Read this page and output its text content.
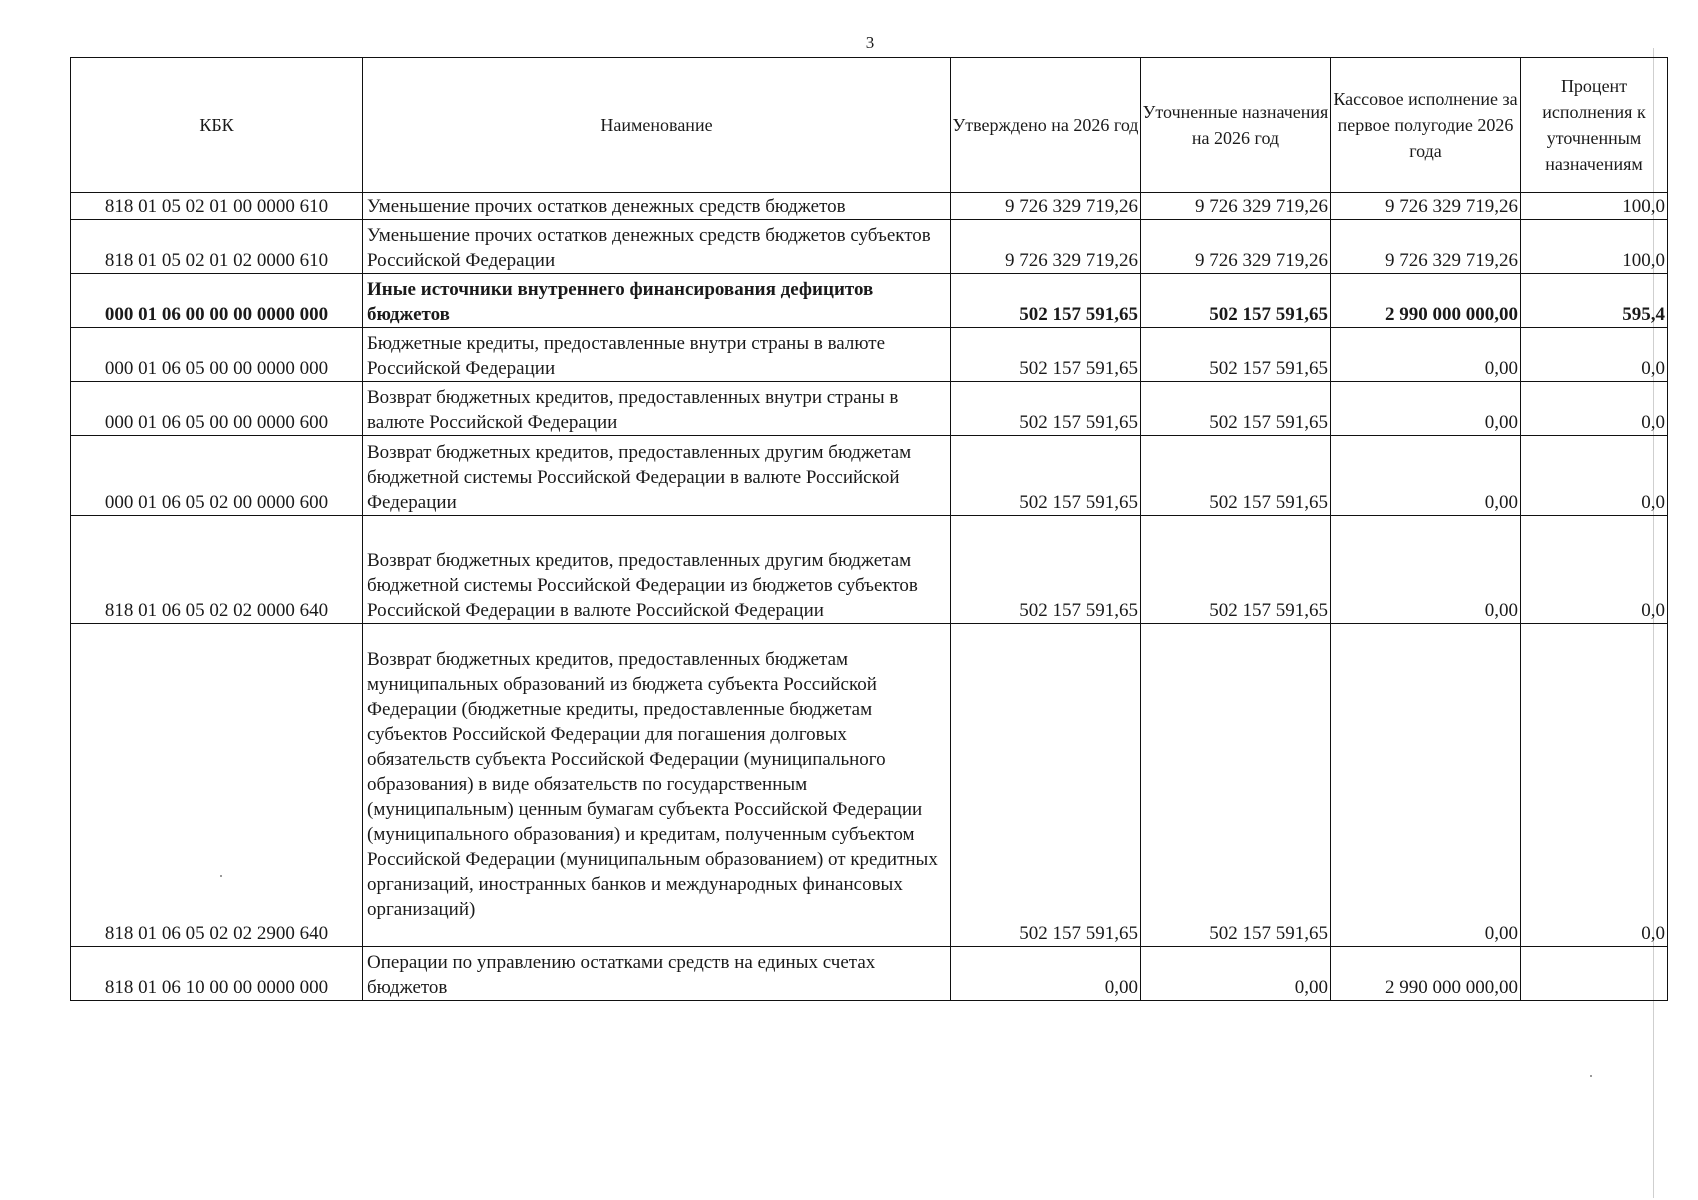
3
КБК	Наименование	Утверждено на 2026 год	Уточненные назначения на 2026 год	Кассовое исполнение за первое полугодие 2026 года	Процент исполнения к уточненным назначениям
818 01 05 02 01 00 0000 610	Уменьшение прочих остатков денежных средств бюджетов	9 726 329 719,26	9 726 329 719,26	9 726 329 719,26	100,0
818 01 05 02 01 02 0000 610	Уменьшение прочих остатков денежных средств бюджетов субъектов Российской Федерации	9 726 329 719,26	9 726 329 719,26	9 726 329 719,26	100,0
000 01 06 00 00 00 0000 000	Иные источники внутреннего финансирования дефицитов бюджетов	502 157 591,65	502 157 591,65	2 990 000 000,00	595,4
000 01 06 05 00 00 0000 000	Бюджетные кредиты, предоставленные внутри страны в валюте Российской Федерации	502 157 591,65	502 157 591,65	0,00	0,0
000 01 06 05 00 00 0000 600	Возврат бюджетных кредитов, предоставленных внутри страны в валюте Российской Федерации	502 157 591,65	502 157 591,65	0,00	0,0
000 01 06 05 02 00 0000 600	Возврат бюджетных кредитов, предоставленных другим бюджетам бюджетной системы Российской Федерации в валюте Российской Федерации	502 157 591,65	502 157 591,65	0,00	0,0
818 01 06 05 02 02 0000 640	Возврат бюджетных кредитов, предоставленных другим бюджетам бюджетной системы Российской Федерации из бюджетов субъектов Российской Федерации в валюте Российской Федерации	502 157 591,65	502 157 591,65	0,00	0,0
818 01 06 05 02 02 2900 640	Возврат бюджетных кредитов, предоставленных бюджетам муниципальных образований из бюджета субъекта Российской Федерации (бюджетные кредиты, предоставленные бюджетам субъектов Российской Федерации для погашения долговых обязательств субъекта Российской Федерации (муниципального образования) в виде обязательств по государственным (муниципальным) ценным бумагам субъекта Российской Федерации (муниципального образования) и кредитам, полученным субъектом Российской Федерации (муниципальным образованием) от кредитных организаций, иностранных банков и международных финансовых организаций)	502 157 591,65	502 157 591,65	0,00	0,0
818 01 06 10 00 00 0000 000	Операции по управлению остатками средств на единых счетах бюджетов	0,00	0,00	2 990 000 000,00	
